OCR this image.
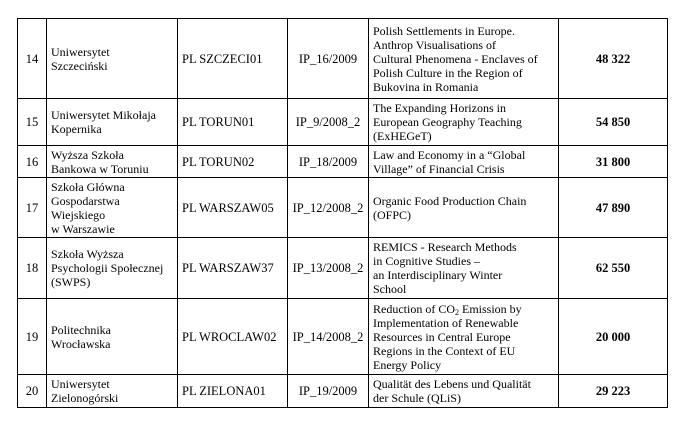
14	Uniwersytet
Szczeciński	PL SZCZECI01	IP_16/2009	Polish Settlements in Europe.
Anthrop Visualisations of
Cultural Phenomena - Enclaves of
Polish Culture in the Region of
Bukovina in Romania	48 322
15	Uniwersytet Mikołaja
Kopernika	PL TORUN01	IP_9/2008_2	The Expanding Horizons in
European Geography Teaching
(ExHEGeT)	54 850
16	Wyższa Szkoła
Bankowa w Toruniu	PL TORUN02	IP_18/2009	Law and Economy in a “Global
Village” of Financial Crisis	31 800
17	Szkoła Główna
Gospodarstwa
Wiejskiego
w Warszawie	PL WARSZAW05	IP_12/2008_2	Organic Food Production Chain
(OFPC)	47 890
18	Szkoła Wyższa
Psychologii Społecznej
(SWPS)	PL WARSZAW37	IP_13/2008_2	REMICS - Research Methods
in Cognitive Studies –
an Interdisciplinary Winter
School	62 550
19	Politechnika
Wrocławska	PL WROCLAW02	IP_14/2008_2	Reduction of $CO_2$ Emission by
Implementation of Renewable
Resources in Central Europe
Regions in the Context of EU
Energy Policy	20 000
20	Uniwersytet
Zielonogórski	PL ZIELONA01	IP_19/2009	Qualität des Lebens und Qualität
der Schule (QLiS)	29 223
